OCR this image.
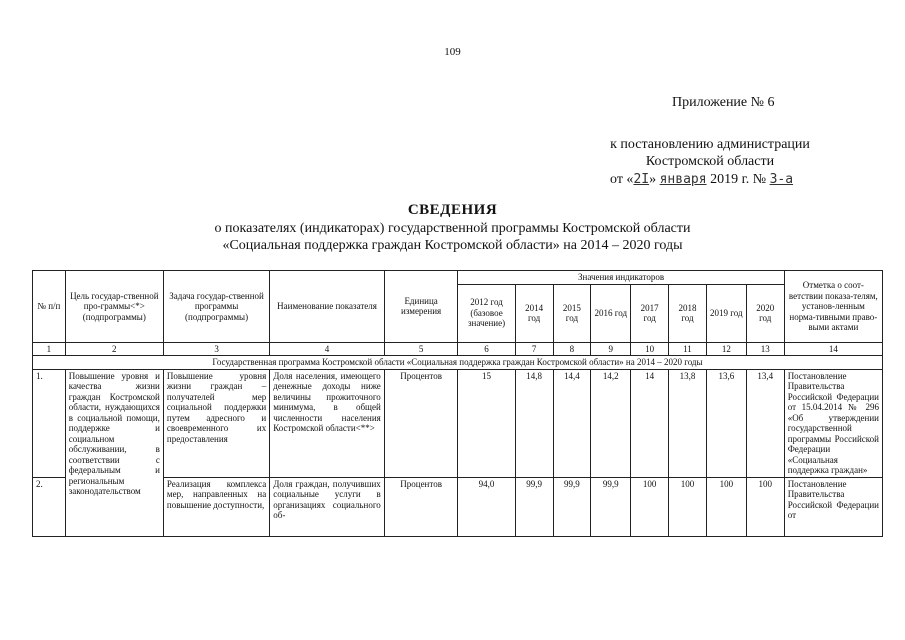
109
Приложение № 6
к постановлению администрации
Костромской области
от «2I» января 2019 г. № 3-а
СВЕДЕНИЯ
о показателях (индикаторах) государственной программы Костромской области
«Социальная поддержка граждан Костромской области» на 2014 – 2020 годы
№ п/п	Цель государ-ственной про-граммы<*> (подпрограммы)	Задача государ-ственной программы (подпрограммы)	Наименование показателя	Единица измерения	Значения индикаторов								Отметка о соот-ветствии показа-телям, установ-ленным норма-тивными право-выми актами
					2012 год (базовое значение)	2014 год	2015 год	2016 год	2017 год	2018 год	2019 год	2020 год	
1	2	3	4	5	6	7	8	9	10	11	12	13	14
Государственная программа Костромской области «Социальная поддержка граждан Костромской области» на 2014 – 2020 годы													
1.	Повышение уровня и качества жизни граждан Костромской области, нуждающихся в социальной помощи, поддержке и социальном обслуживании, в соответствии с федеральным и региональным законодательством	Повышение уровня жизни граждан – получателей мер социальной поддержки путем адресного и своевременного их предоставления	Доля населения, имеющего денежные доходы ниже величины прожиточного минимума, в общей численности населения Костромской области<**>	Процентов	15	14,8	14,4	14,2	14	13,8	13,6	13,4	Постановление Правительства Российской Федерации от 15.04.2014 № 296 «Об утверждении государственной программы Российской Федерации «Социальная поддержка граждан»
2.		Реализация комплекса мер, направленных на повышение доступности,	Доля граждан, получивших социальные услуги в организациях социального об-	Процентов	94,0	99,9	99,9	99,9	100	100	100	100	Постановление Правительства Российской Федерации от
